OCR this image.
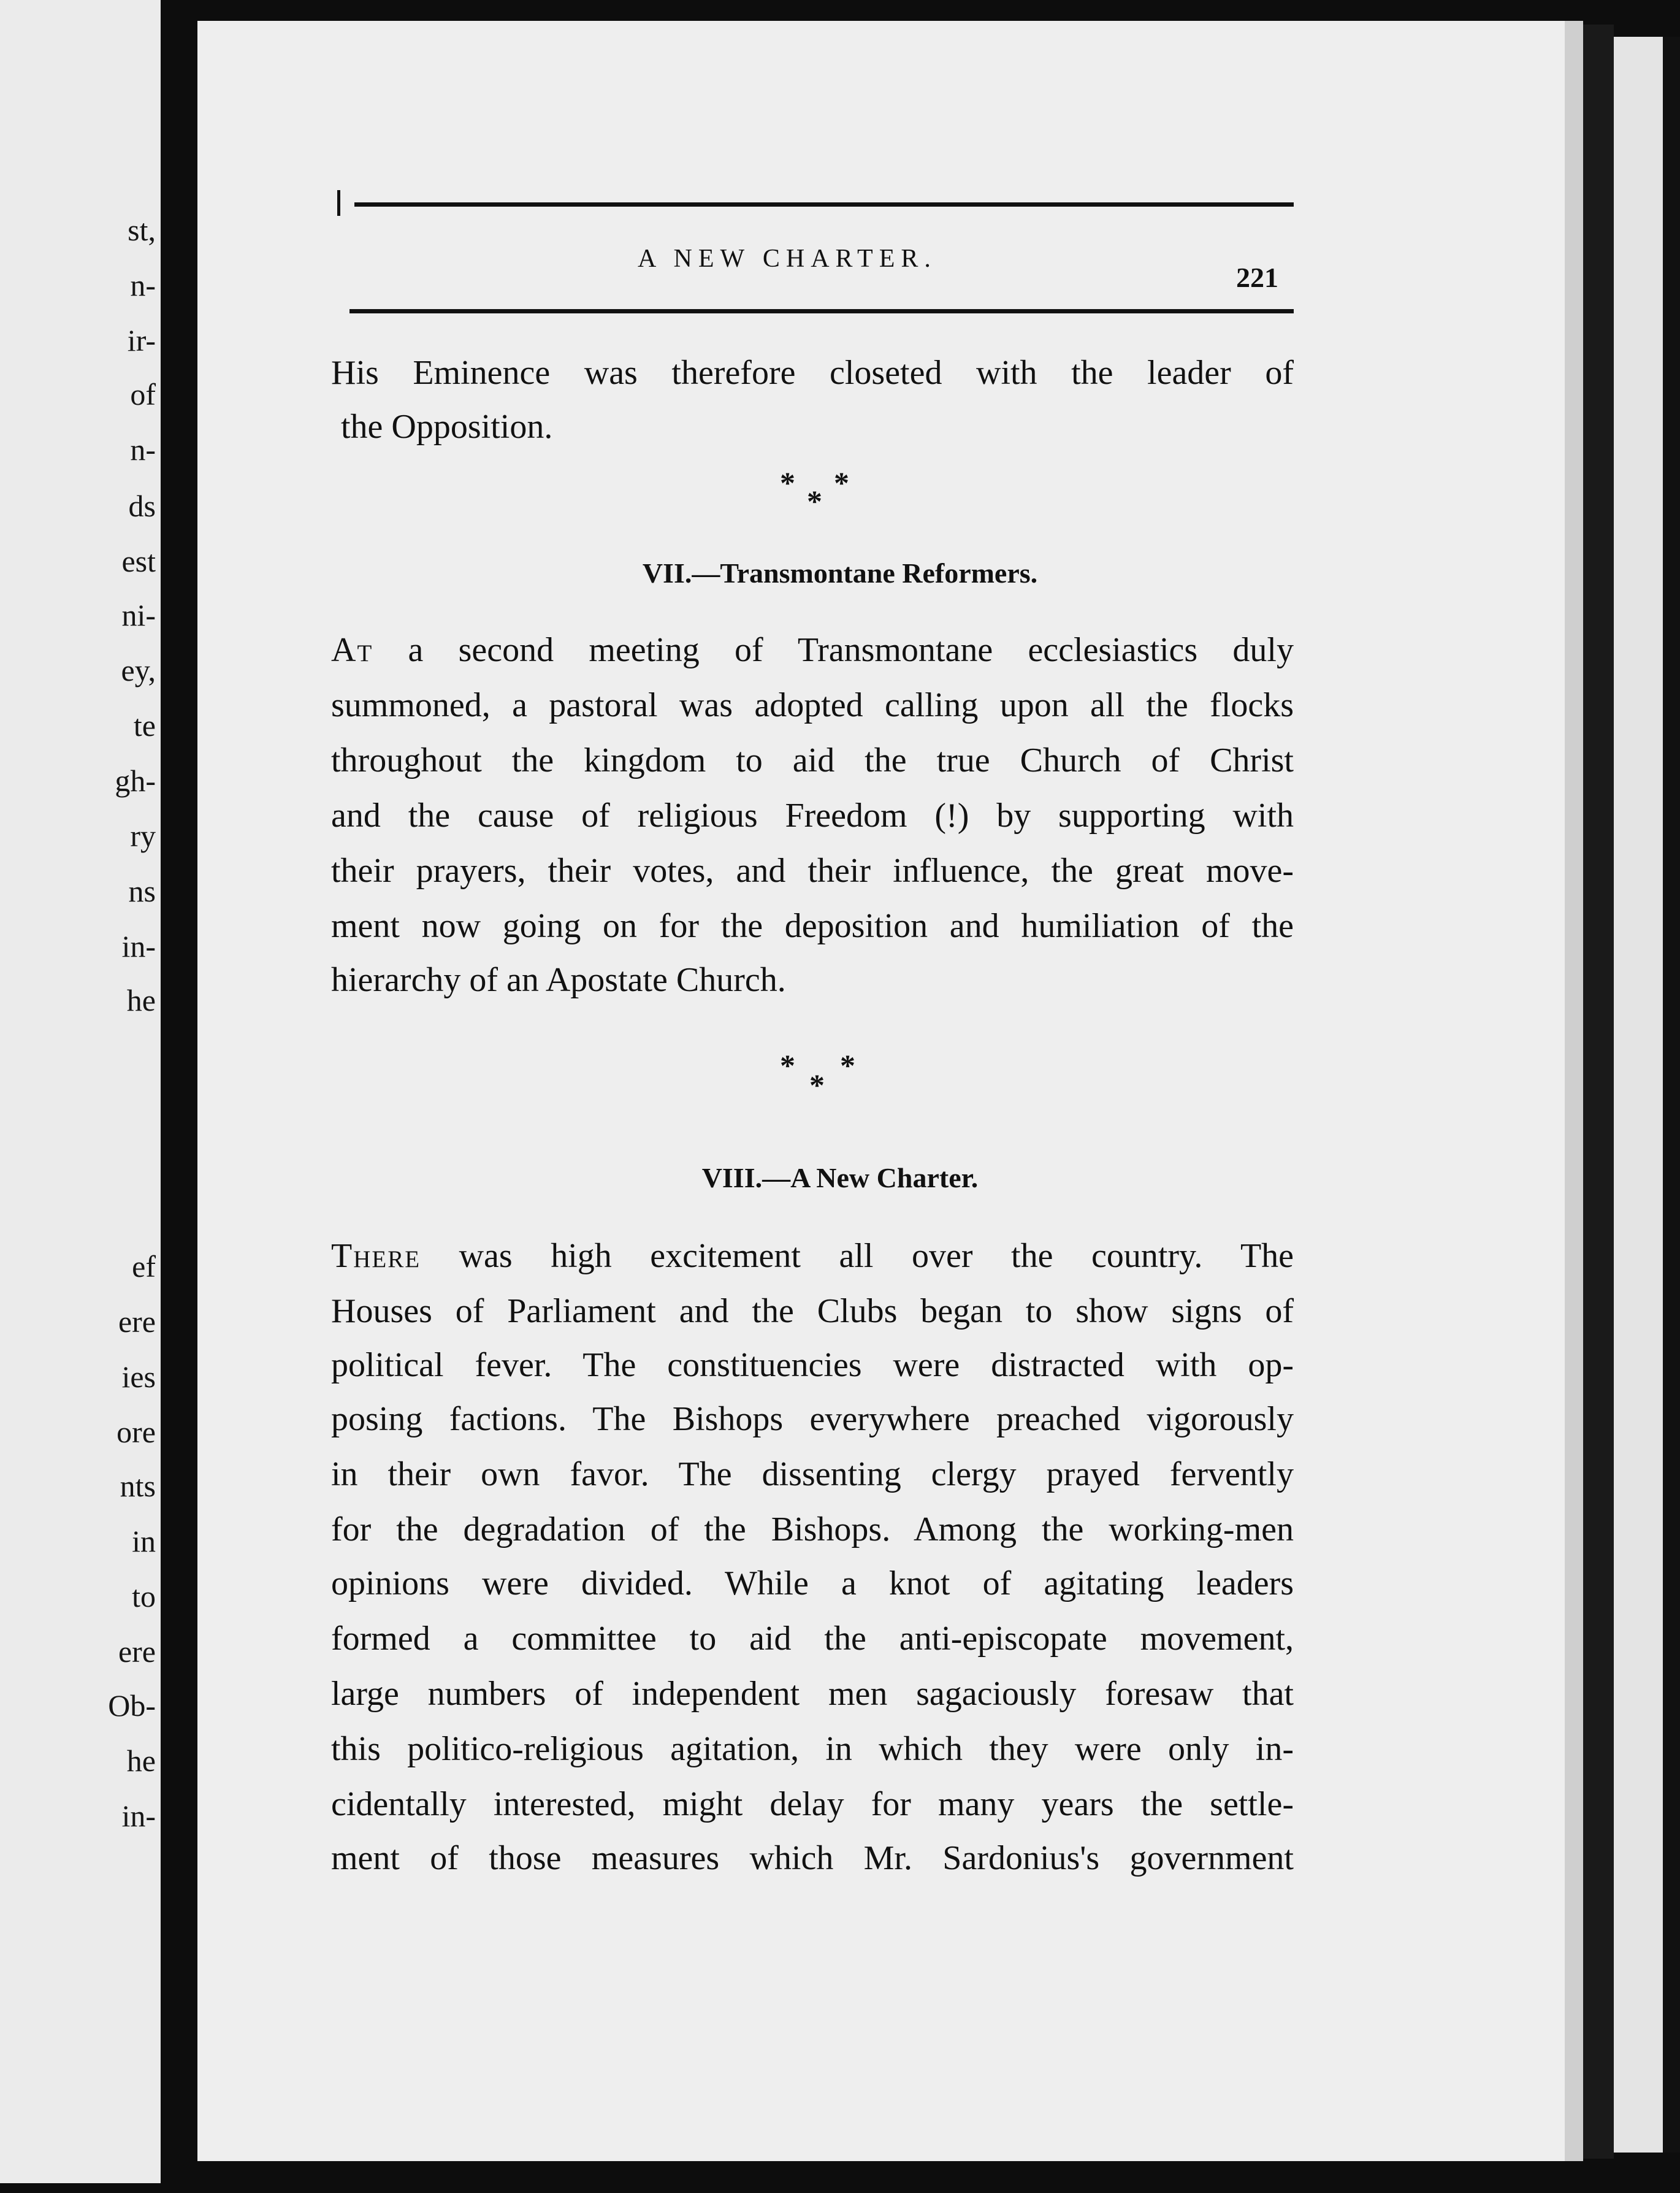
st,
n-
ir-
of
n-
ds
est
ni-
ey,
te
gh-
ry
ns
in-
he
ef
ere
ies
ore
nts
in
to
ere
Ob-
he
in-
A NEW CHARTER.
221
His Eminence was therefore closeted with the leader of
the Opposition.
* *
*
VII.—Transmontane Reformers.
At a second meeting of Transmontane ecclesiastics duly
summoned, a pastoral was adopted calling upon all the flocks
throughout the kingdom to aid the true Church of Christ
and the cause of religious Freedom (!) by supporting with
their prayers, their votes, and their influence, the great move-
ment now going on for the deposition and humiliation of the
hierarchy of an Apostate Church.
* *
*
VIII.—A New Charter.
There was high excitement all over the country. The
Houses of Parliament and the Clubs began to show signs of
political fever. The constituencies were distracted with op-
posing factions. The Bishops everywhere preached vigorously
in their own favor. The dissenting clergy prayed fervently
for the degradation of the Bishops. Among the working-men
opinions were divided. While a knot of agitating leaders
formed a committee to aid the anti-episcopate movement,
large numbers of independent men sagaciously foresaw that
this politico-religious agitation, in which they were only in-
cidentally interested, might delay for many years the settle-
ment of those measures which Mr. Sardonius's government
